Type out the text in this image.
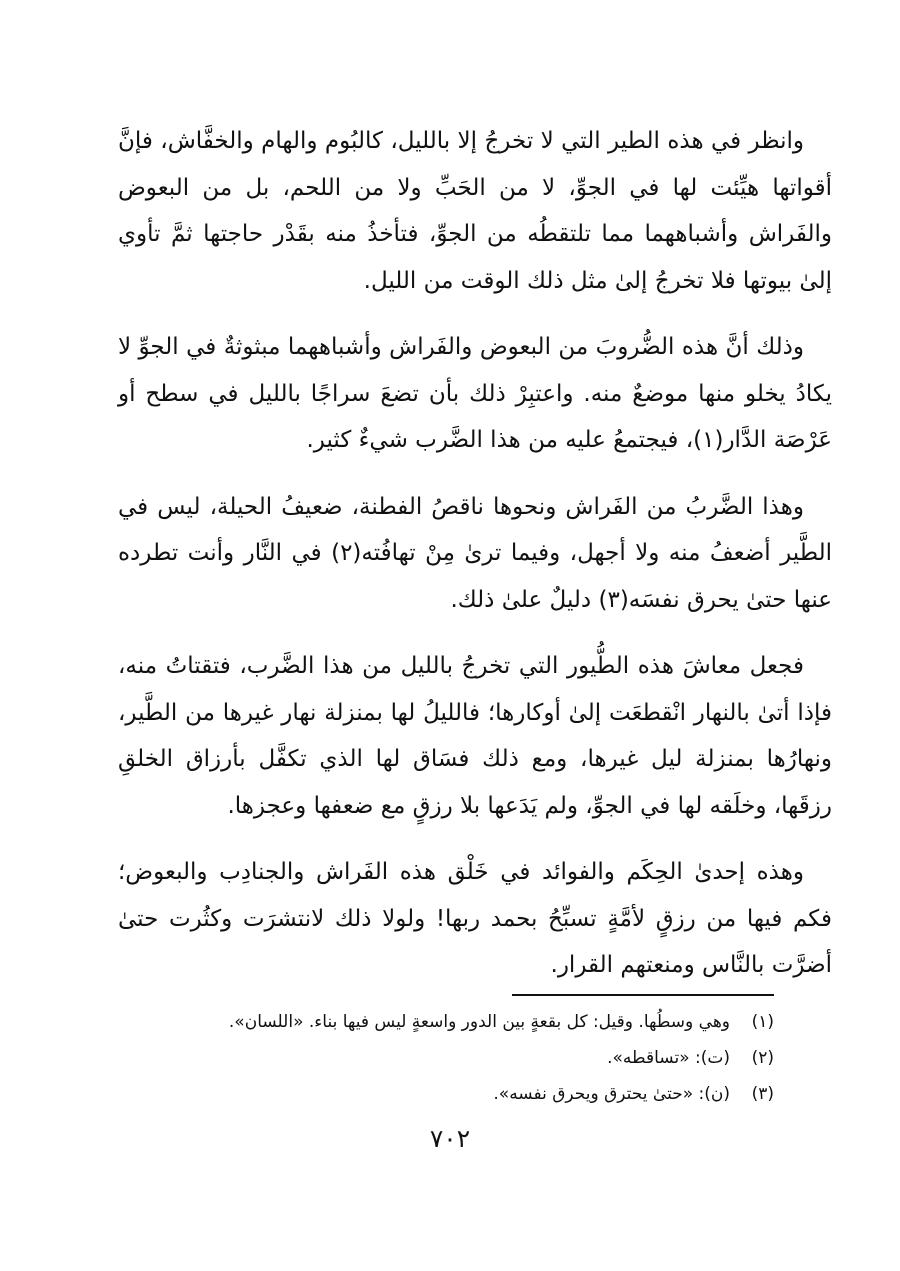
وانظر في هذه الطير التي لا تخرجُ إلا بالليل، كالبُوم والهام والخفَّاش، فإنَّ أقواتها هيِّئت لها في الجوِّ، لا من الحَبِّ ولا من اللحم، بل من البعوض والفَراش وأشباههما مما تلتقطُه من الجوِّ، فتأخذُ منه بقَدْر حاجتها ثمَّ تأوي إلىٰ بيوتها فلا تخرجُ إلىٰ مثل ذلك الوقت من الليل.

وذلك أنَّ هذه الضُّروبَ من البعوض والفَراش وأشباههما مبثوثةٌ في الجوِّ لا يكادُ يخلو منها موضعٌ منه. واعتبِرْ ذلك بأن تضعَ سراجًا بالليل في سطح أو عَرْصَة الدَّار(١)، فيجتمعُ عليه من هذا الضَّرب شيءٌ كثير.

وهذا الضَّربُ من الفَراش ونحوها ناقصُ الفطنة، ضعيفُ الحيلة، ليس في الطَّير أضعفُ منه ولا أجهل، وفيما ترىٰ مِنْ تهافُته(٢) في النَّار وأنت تطرده عنها حتىٰ يحرق نفسَه(٣) دليلٌ علىٰ ذلك.

فجعل معاشَ هذه الطُّيور التي تخرجُ بالليل من هذا الضَّرب، فتقتاتُ منه، فإذا أتىٰ بالنهار انْقطعَت إلىٰ أوكارها؛ فالليلُ لها بمنزلة نهار غيرها من الطَّير، ونهارُها بمنزلة ليل غيرها، ومع ذلك فسَاق لها الذي تكفَّل بأرزاق الخلقِ رزقَها، وخلَقه لها في الجوِّ، ولم يَدَعها بلا رزقٍ مع ضعفها وعجزها.

وهذه إحدىٰ الحِكَم والفوائد في خَلْق هذه الفَراش والجنادِب والبعوض؛ فكم فيها من رزقٍ لأمَّةٍ تسبِّحُ بحمد ربها! ولولا ذلك لانتشرَت وكثُرت حتىٰ أضرَّت بالنَّاس ومنعتهم القرار.

(١)وهي وسطُها. وقيل: كل بقعةٍ بين الدور واسعةٍ ليس فيها بناء. «اللسان».

(٢)(ت): «تساقطه».

(٣)(ن): «حتىٰ يحترق ويحرق نفسه».

٧٠٢
